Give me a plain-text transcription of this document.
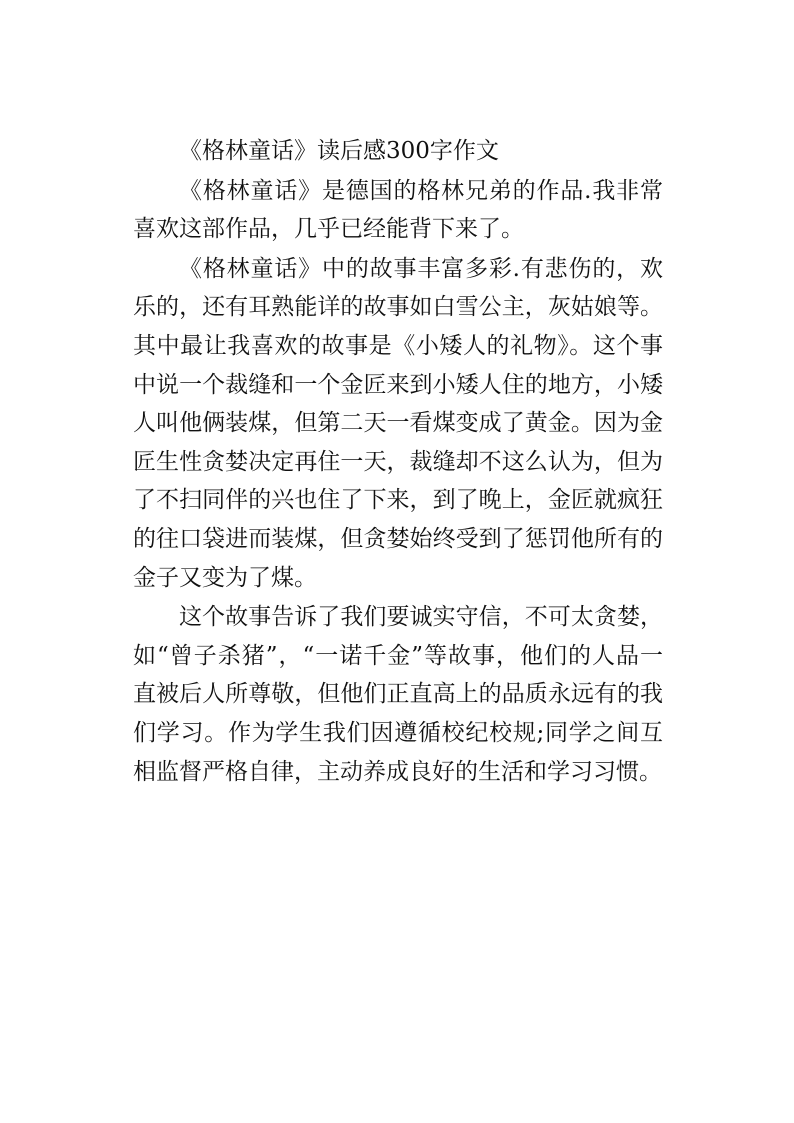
《格林童话》读后感300字作文

《格林童话》是德国的格林兄弟的作品.我非常喜欢这部作品，几乎已经能背下来了。

《格林童话》中的故事丰富多彩.有悲伤的，欢乐的，还有耳熟能详的故事如白雪公主，灰姑娘等。其中最让我喜欢的故事是《小矮人的礼物》。这个事中说一个裁缝和一个金匠来到小矮人住的地方，小矮人叫他俩装煤，但第二天一看煤变成了黄金。因为金匠生性贪婪决定再住一天，裁缝却不这么认为，但为了不扫同伴的兴也住了下来，到了晚上，金匠就疯狂的往口袋进而装煤，但贪婪始终受到了惩罚他所有的金子又变为了煤。

这个故事告诉了我们要诚实守信，不可太贪婪，如“曾子杀猪”，“一诺千金”等故事，他们的人品一直被后人所尊敬，但他们正直高上的品质永远有的我们学习。作为学生我们因遵循校纪校规;同学之间互相监督严格自律，主动养成良好的生活和学习习惯。
